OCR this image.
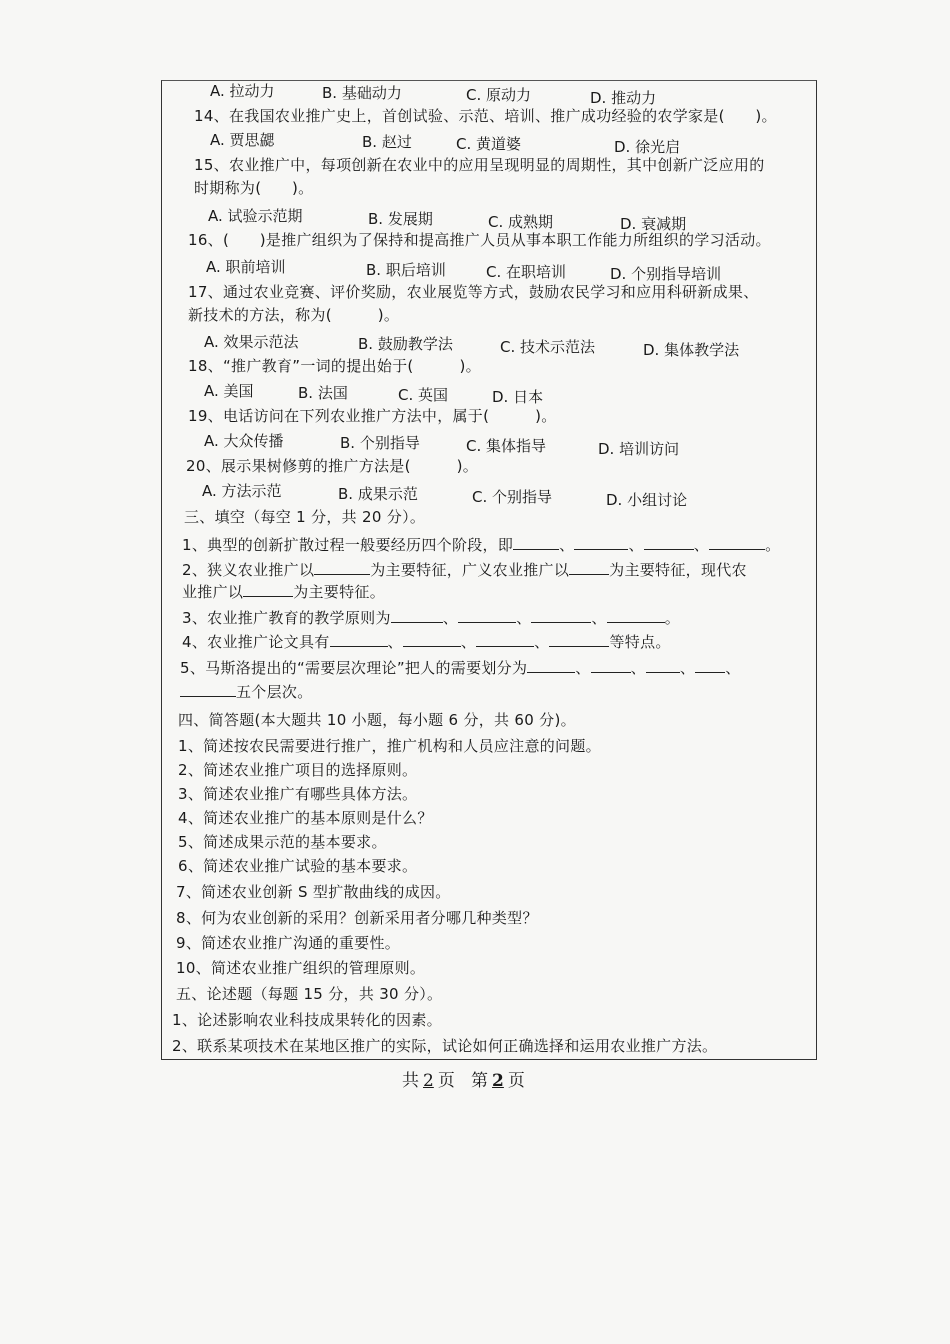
A. 拉动力	B. 基础动力	C. 原动力	D. 推动力
14、在我国农业推广史上，首创试验、示范、培训、推广成功经验的农学家是(　　)。
A. 贾思勰	B. 赵过	C. 黄道婆	D. 徐光启
15、农业推广中，每项创新在农业中的应用呈现明显的周期性，其中创新广泛应用的
时期称为(　　)。
A. 试验示范期	B. 发展期	C. 成熟期	D. 衰减期
16、(　　)是推广组织为了保持和提高推广人员从事本职工作能力所组织的学习活动。
A. 职前培训	B. 职后培训	C. 在职培训	D. 个别指导培训
17、通过农业竞赛、评价奖励，农业展览等方式，鼓励农民学习和应用科研新成果、
新技术的方法，称为(　　　)。
A. 效果示范法	B. 鼓励教学法	C. 技术示范法	D. 集体教学法
18、“推广教育”一词的提出始于(　　　)。
A. 美国	B. 法国	C. 英国	D. 日本
19、电话访问在下列农业推广方法中，属于(　　　)。
A. 大众传播	B. 个别指导	C. 集体指导	D. 培训访问
20、展示果树修剪的推广方法是(　　　)。
A. 方法示范	B. 成果示范	C. 个别指导	D. 小组讨论
三、填空（每空 1 分，共 20 分）。
1、典型的创新扩散过程一般要经历四个阶段，即	、	、	、	。
2、狭义农业推广以	为主要特征，广义农业推广以	为主要特征，现代农
业推广以	为主要特征。
3、农业推广教育的教学原则为	、	、	、	。
4、农业推广论文具有	、	、	、	等特点。
5、马斯洛提出的“需要层次理论”把人的需要划分为	、	、 、 、
五个层次。
四、简答题(本大题共 10 小题，每小题 6 分，共 60 分)。
1、简述按农民需要进行推广，推广机构和人员应注意的问题。
2、简述农业推广项目的选择原则。
3、简述农业推广有哪些具体方法。
4、简述农业推广的基本原则是什么？
5、简述成果示范的基本要求。
6、简述农业推广试验的基本要求。
7、简述农业创新 S 型扩散曲线的成因。
8、何为农业创新的采用？创新采用者分哪几种类型？
9、简述农业推广沟通的重要性。
10、简述农业推广组织的管理原则。
五、论述题（每题 15 分，共 30 分）。
1、论述影响农业科技成果转化的因素。
2、联系某项技术在某地区推广的实际，试论如何正确选择和运用农业推广方法。
共 2 页 第 2 页
